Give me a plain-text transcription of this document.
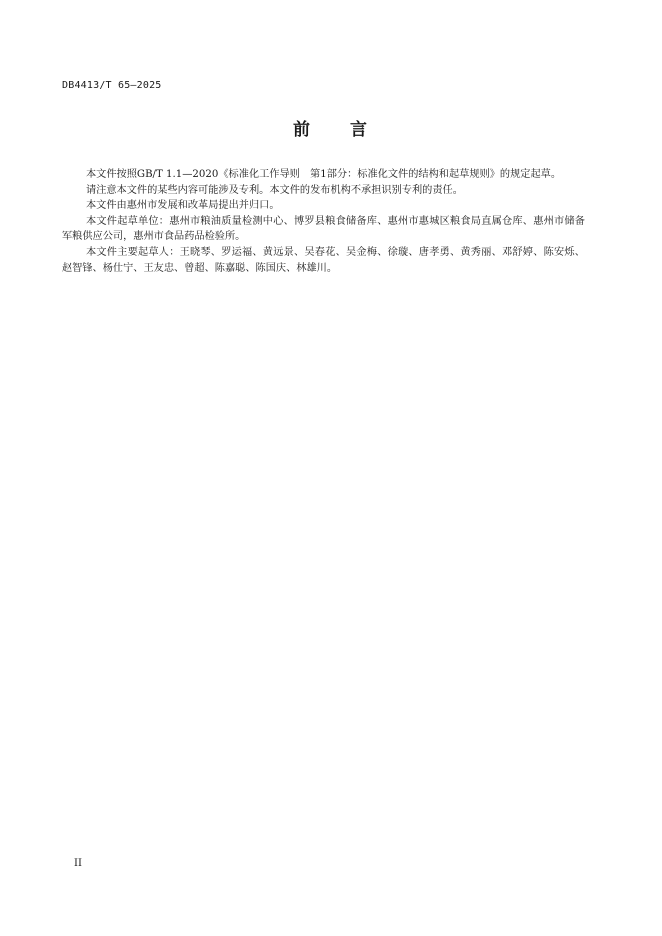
DB4413/T 65—2025
前 言

本文件按照GB/T 1.1—2020《标准化工作导则　第1部分：标准化文件的结构和起草规则》的规定起草。

请注意本文件的某些内容可能涉及专利。本文件的发布机构不承担识别专利的责任。

本文件由惠州市发展和改革局提出并归口。

本文件起草单位：惠州市粮油质量检测中心、博罗县粮食储备库、惠州市惠城区粮食局直属仓库、惠州市储备军粮供应公司，惠州市食品药品检验所。

本文件主要起草人：王晓琴、罗运福、黄远景、吴春花、吴金梅、徐璇、唐孝勇、黄秀丽、邓舒婷、陈安烁、赵智锋、杨仕宁、王友忠、曾超、陈嘉聪、陈国庆、林雄川。

II
